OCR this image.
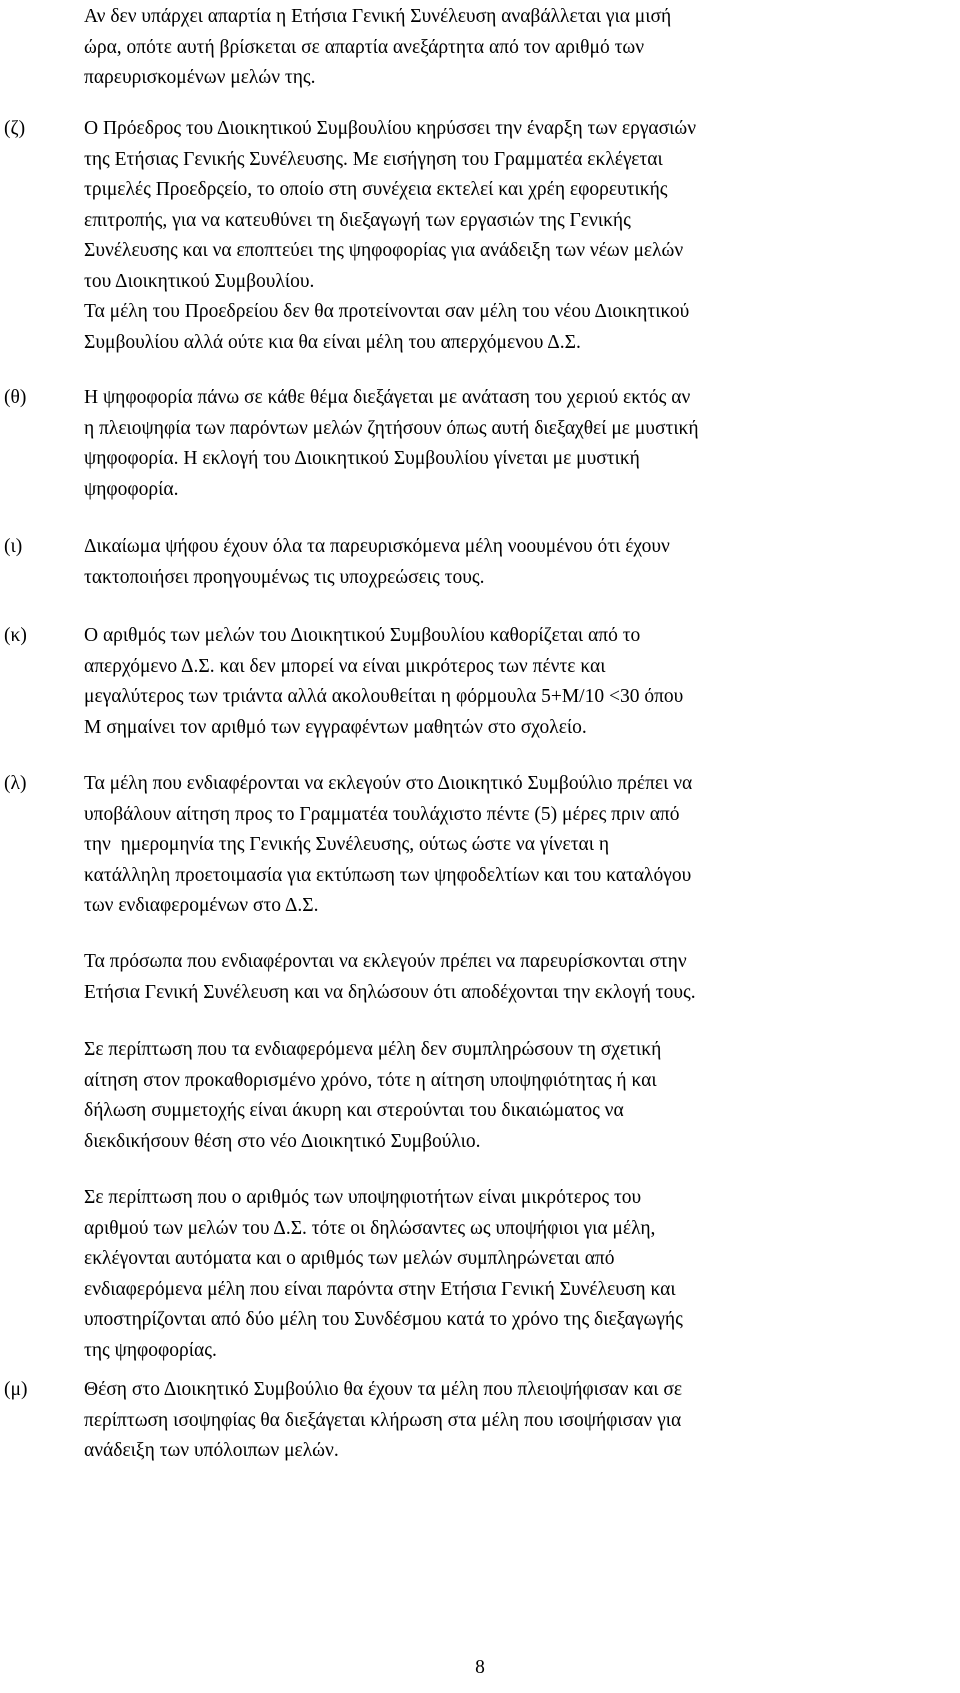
Αν δεν υπάρχει απαρτία η Ετήσια Γενική Συνέλευση αναβάλλεται για μισή
ώρα, οπότε αυτή βρίσκεται σε απαρτία ανεξάρτητα από τον αριθμό των
παρευρισκομένων μελών της.
(ζ)	Ο Πρόεδρος του Διοικητικού Συμβουλίου κηρύσσει την έναρξη των εργασιών
της Ετήσιας Γενικής Συνέλευσης. Με εισήγηση του Γραμματέα εκλέγεται
τριμελές Προεδρςείο, το οποίο στη συνέχεια εκτελεί και χρέη εφορευτικής
επιτροπής, για να κατευθύνει τη διεξαγωγή των εργασιών της Γενικής
Συνέλευσης και να εποπτεύει της ψηφοφορίας για ανάδειξη των νέων μελών
του Διοικητικού Συμβουλίου.
Τα μέλη του Προεδρείου δεν θα προτείνονται σαν μέλη του νέου Διοικητικού
Συμβουλίου αλλά ούτε κια θα είναι μέλη του απερχόμενου Δ.Σ.
(θ)	Η ψηφοφορία πάνω σε κάθε θέμα διεξάγεται με ανάταση του χεριού εκτός αν
η πλειοψηφία των παρόντων μελών ζητήσουν όπως αυτή διεξαχθεί με μυστική
ψηφοφορία. Η εκλογή του Διοικητικού Συμβουλίου γίνεται με μυστική
ψηφοφορία.
(ι)	Δικαίωμα ψήφου έχουν όλα τα παρευρισκόμενα μέλη νοουμένου ότι έχουν
τακτοποιήσει προηγουμένως τις υποχρεώσεις τους.
(κ)	Ο αριθμός των μελών του Διοικητικού Συμβουλίου καθορίζεται από το
απερχόμενο Δ.Σ. και δεν μπορεί να είναι μικρότερος των πέντε και
μεγαλύτερος των τριάντα αλλά ακολουθείται η φόρμουλα 5+Μ/10 <30 όπου
Μ σημαίνει τον αριθμό των εγγραφέντων μαθητών στο σχολείο.
(λ)	Τα μέλη που ενδιαφέρονται να εκλεγούν στο Διοικητικό Συμβούλιο πρέπει να
υποβάλουν αίτηση προς το Γραμματέα τουλάχιστο πέντε (5) μέρες πριν από
την  ημερομηνία της Γενικής Συνέλευσης, ούτως ώστε να γίνεται η
κατάλληλη προετοιμασία για εκτύπωση των ψηφοδελτίων και του καταλόγου
των ενδιαφερομένων στο Δ.Σ.
Τα πρόσωπα που ενδιαφέρονται να εκλεγούν πρέπει να παρευρίσκονται στην
Ετήσια Γενική Συνέλευση και να δηλώσουν ότι αποδέχονται την εκλογή τους.
Σε περίπτωση που τα ενδιαφερόμενα μέλη δεν συμπληρώσουν τη σχετική
αίτηση στον προκαθορισμένο χρόνο, τότε η αίτηση υποψηφιότητας ή και
δήλωση συμμετοχής είναι άκυρη και στερούνται του δικαιώματος να
διεκδικήσουν θέση στο νέο Διοικητικό Συμβούλιο.
Σε περίπτωση που ο αριθμός των υποψηφιοτήτων είναι μικρότερος του
αριθμού των μελών του Δ.Σ. τότε οι δηλώσαντες ως υποψήφιοι για μέλη,
εκλέγονται αυτόματα και ο αριθμός των μελών συμπληρώνεται από
ενδιαφερόμενα μέλη που είναι παρόντα στην Ετήσια Γενική Συνέλευση και
υποστηρίζονται από δύο μέλη του Συνδέσμου κατά το χρόνο της διεξαγωγής
της ψηφοφορίας.
(μ)	Θέση στο Διοικητικό Συμβούλιο θα έχουν τα μέλη που πλειοψήφισαν και σε
περίπτωση ισοψηφίας θα διεξάγεται κλήρωση στα μέλη που ισοψήφισαν για
ανάδειξη των υπόλοιπων μελών.
8
